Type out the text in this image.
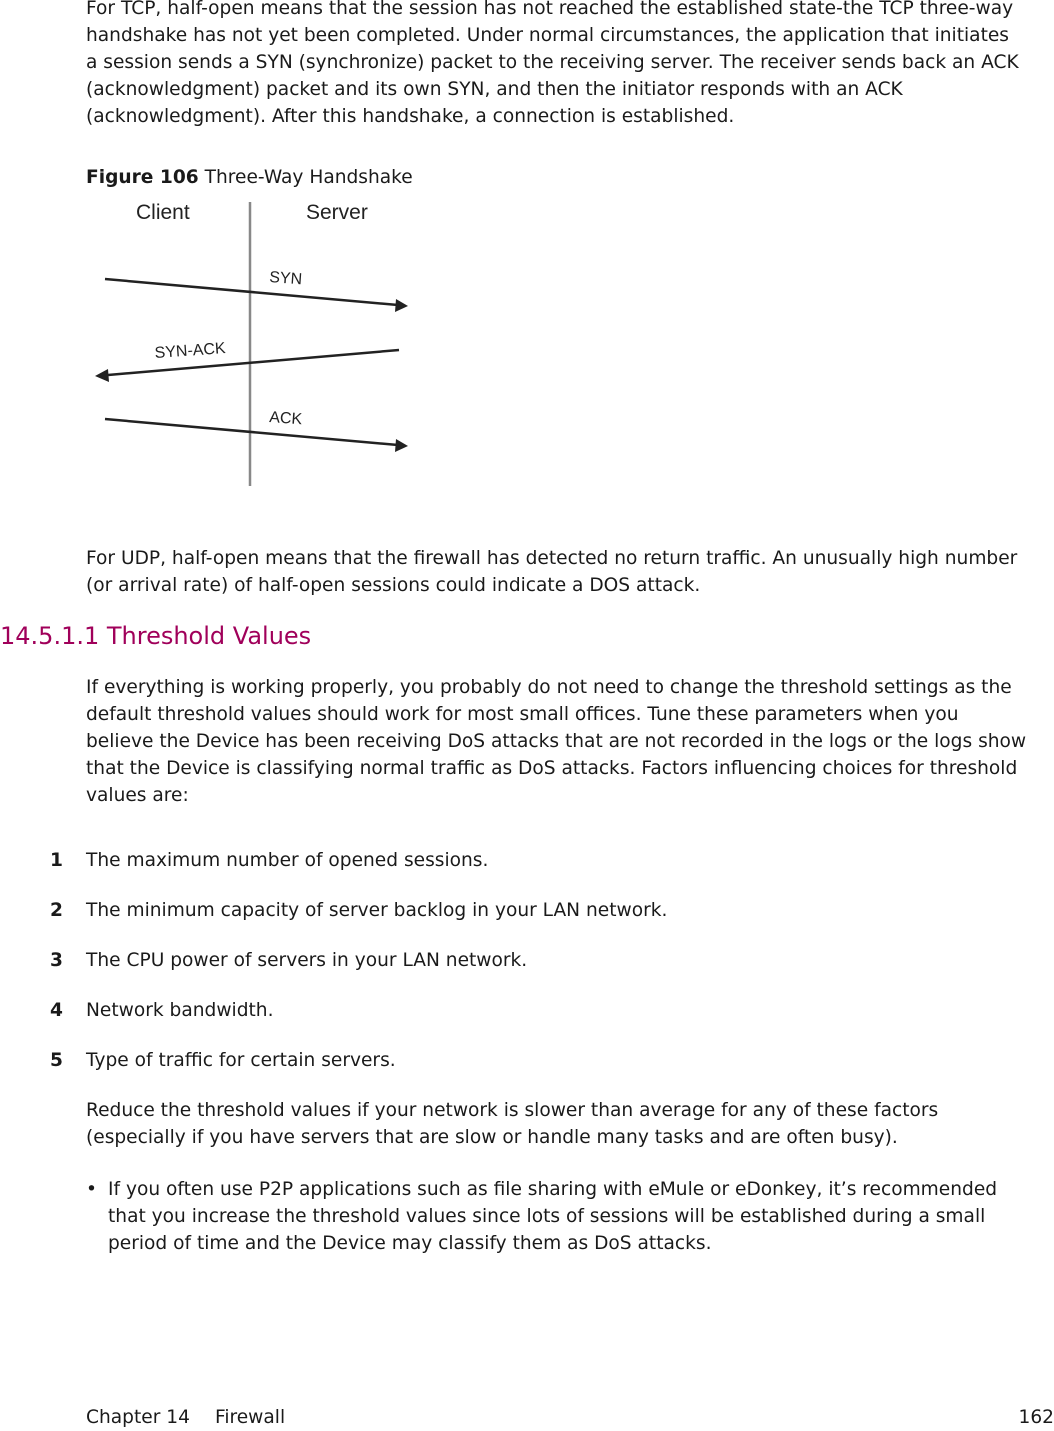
For TCP, half-open means that the session has not reached the established state-the TCP three-way
handshake has not yet been completed. Under normal circumstances, the application that initiates
a session sends a SYN (synchronize) packet to the receiving server. The receiver sends back an ACK
(acknowledgment) packet and its own SYN, and then the initiator responds with an ACK
(acknowledgment). After this handshake, a connection is established.
Figure 106 Three-Way Handshake
Client	Server
SYN
SYN-ACK
ACK
For UDP, half-open means that the firewall has detected no return traffic. An unusually high number
(or arrival rate) of half-open sessions could indicate a DOS attack.
14.5.1.1 Threshold Values
If everything is working properly, you probably do not need to change the threshold settings as the
default threshold values should work for most small offices. Tune these parameters when you
believe the Device has been receiving DoS attacks that are not recorded in the logs or the logs show
that the Device is classifying normal traffic as DoS attacks. Factors influencing choices for threshold
values are:
1 The maximum number of opened sessions.
2 The minimum capacity of server backlog in your LAN network.
3 The CPU power of servers in your LAN network.
4 Network bandwidth.
5 Type of traffic for certain servers.
Reduce the threshold values if your network is slower than average for any of these factors
(especially if you have servers that are slow or handle many tasks and are often busy).
• If you often use P2P applications such as file sharing with eMule or eDonkey, it’s recommended
that you increase the threshold values since lots of sessions will be established during a small
period of time and the Device may classify them as DoS attacks.
Chapter 14 Firewall	162
